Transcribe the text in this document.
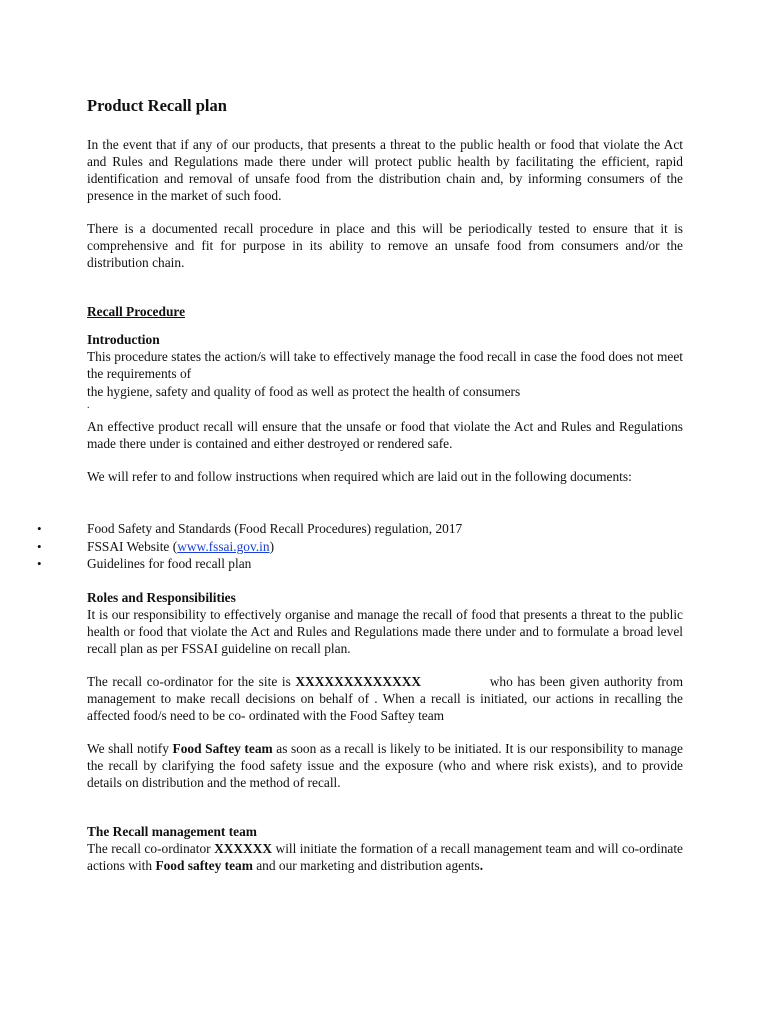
Product Recall plan
In the event that if any of our products, that presents a threat to the public health or food that violate the Act and Rules and Regulations made there under will protect public health by facilitating the efficient, rapid identification and removal of unsafe food from the distribution chain and, by informing consumers of the presence in the market of such food.
There is a documented recall procedure in place and this will be periodically tested to ensure that it is comprehensive and fit for purpose in its ability to remove an unsafe food from consumers and/or the distribution chain.
Recall Procedure
Introduction
This procedure states the action/s will take to effectively manage the food recall in case the food does not meet the requirements of
the hygiene, safety and quality of food as well as protect the health of consumers
.
An effective product recall will ensure that the unsafe or food that violate the Act and Rules and Regulations made there under is contained and either destroyed or rendered safe.
We will refer to and follow instructions when required which are laid out in the following documents:
•	Food Safety and Standards (Food Recall Procedures) regulation, 2017
•	FSSAI Website (www.fssai.gov.in)
•	Guidelines for food recall plan
Roles and Responsibilities
It is our responsibility to effectively organise and manage the recall of food that presents a threat to the public health or food that violate the Act and Rules and Regulations made there under and to formulate a broad level recall plan as per FSSAI guideline on recall plan.
The recall co-ordinator for the site is XXXXXXXXXXXXX	who has been given authority from management to make recall decisions on behalf of . When a recall is initiated, our actions in recalling the affected food/s need to be co- ordinated with the Food Saftey team
We shall notify Food Saftey team as soon as a recall is likely to be initiated. It is our responsibility to manage the recall by clarifying the food safety issue and the exposure (who and where risk exists), and to provide details on distribution and the method of recall.
The Recall management team
The recall co-ordinator XXXXXX will initiate the formation of a recall management team and will co-ordinate actions with Food saftey team and our marketing and distribution agents.
